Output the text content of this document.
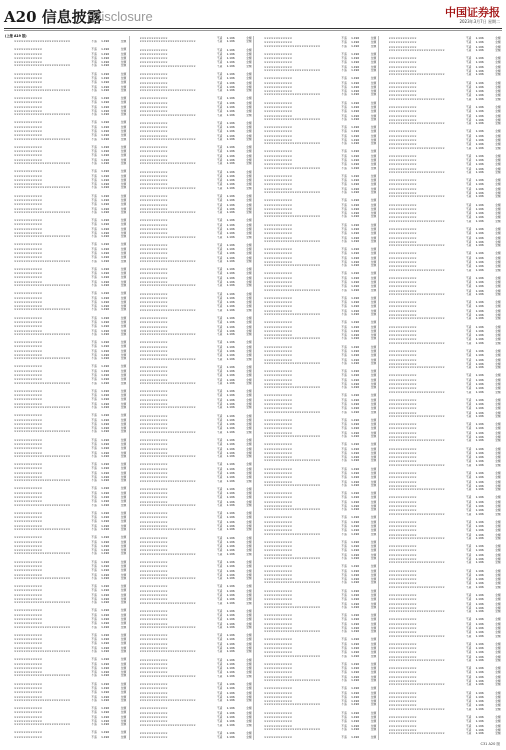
A20 信息披露
Disclosure	中国证券报
2023年3月7日 星期二
(上接 A19 版)
××××××××××××××××××××××××	不适	1.196	全额
××××××××××××	不适	1.196	全额
××××××××××××	不适	1.196	全额
××××××××××××	不适	1.196	全额
××××××××××××	不适	1.196	全额
××××××××××××××××××××××××	不适	1.196	全额
××××××××××××	不适	1.196	全额
××××××××××××	不适	1.196	全额
××××××××××××	不适	1.196	全额
××××××××××××	不适	1.196	全额
××××××××××××××××××××××××	不适	1.196	全额
××××××××××××	不适	1.196	全额
××××××××××××	不适	1.196	全额
××××××××××××	不适	1.196	全额
××××××××××××	不适	1.196	全额
××××××××××××××××××××××××	不适	1.196	全额
××××××××××××	不适	1.196	全额
××××××××××××	不适	1.196	全额
××××××××××××	不适	1.196	全额
××××××××××××	不适	1.196	全额
××××××××××××××××××××××××	不适	1.196	全额
××××××××××××	不适	1.196	全额
××××××××××××	不适	1.196	全额
××××××××××××	不适	1.196	全额
××××××××××××	不适	1.196	全额
××××××××××××××××××××××××	不适	1.196	全额
××××××××××××	不适	1.196	全额
××××××××××××	不适	1.196	全额
××××××××××××	不适	1.196	全额
××××××××××××	不适	1.196	全额
××××××××××××××××××××××××	不适	1.196	全额
××××××××××××	不适	1.196	全额
××××××××××××	不适	1.196	全额
××××××××××××	不适	1.196	全额
××××××××××××	不适	1.196	全额
××××××××××××××××××××××××	不适	1.196	全额
××××××××××××	不适	1.196	全额
××××××××××××	不适	1.196	全额
××××××××××××	不适	1.196	全额
××××××××××××	不适	1.196	全额
××××××××××××××××××××××××	不适	1.196	全额
××××××××××××	不适	1.196	全额
××××××××××××	不适	1.196	全额
××××××××××××	不适	1.196	全额
××××××××××××	不适	1.196	全额
××××××××××××××××××××××××	不适	1.196	全额
××××××××××××	不适	1.196	全额
××××××××××××	不适	1.196	全额
××××××××××××	不适	1.196	全额
××××××××××××	不适	1.196	全额
××××××××××××××××××××××××	不适	1.196	全额
××××××××××××	不适	1.196	全额
××××××××××××	不适	1.196	全额
××××××××××××	不适	1.196	全额
××××××××××××	不适	1.196	全额
××××××××××××××××××××××××	不适	1.196	全额
××××××××××××	不适	1.196	全额
××××××××××××	不适	1.196	全额
××××××××××××	不适	1.196	全额
××××××××××××	不适	1.196	全额
××××××××××××××××××××××××	不适	1.196	全额
××××××××××××	不适	1.196	全额
××××××××××××	不适	1.196	全额
××××××××××××	不适	1.196	全额
××××××××××××	不适	1.196	全额
××××××××××××××××××××××××	不适	1.196	全额
××××××××××××	不适	1.196	全额
××××××××××××	不适	1.196	全额
××××××××××××	不适	1.196	全额
××××××××××××	不适	1.196	全额
××××××××××××××××××××××××	不适	1.196	全额
××××××××××××	不适	1.196	全额
××××××××××××	不适	1.196	全额
××××××××××××	不适	1.196	全额
××××××××××××	不适	1.196	全额
××××××××××××××××××××××××	不适	1.196	全额
××××××××××××	不适	1.196	全额
××××××××××××	不适	1.196	全额
××××××××××××	不适	1.196	全额
××××××××××××	不适	1.196	全额
××××××××××××××××××××××××	不适	1.196	全额
××××××××××××	不适	1.196	全额
××××××××××××	不适	1.196	全额
××××××××××××	不适	1.196	全额
××××××××××××	不适	1.196	全额
××××××××××××××××××××××××	不适	1.196	全额
××××××××××××	不适	1.196	全额
××××××××××××	不适	1.196	全额
××××××××××××	不适	1.196	全额
××××××××××××	不适	1.196	全额
××××××××××××××××××××××××	不适	1.196	全额
××××××××××××	不适	1.196	全额
××××××××××××	不适	1.196	全额
××××××××××××	不适	1.196	全额
××××××××××××	不适	1.196	全额
××××××××××××××××××××××××	不适	1.196	全额
××××××××××××	不适	1.196	全额
××××××××××××	不适	1.196	全额
××××××××××××	不适	1.196	全额
××××××××××××	不适	1.196	全额
××××××××××××××××××××××××	不适	1.196	全额
××××××××××××	不适	1.196	全额
××××××××××××	不适	1.196	全额
××××××××××××	不适	1.196	全额
××××××××××××	不适	1.196	全额
××××××××××××××××××××××××	不适	1.196	全额
××××××××××××	不适	1.196	全额
××××××××××××	不适	1.196	全额
××××××××××××	不适	1.196	全额
××××××××××××	不适	1.196	全额
××××××××××××××××××××××××	不适	1.196	全额
××××××××××××	不适	1.196	全额
××××××××××××	不适	1.196	全额
××××××××××××	不适	1.196	全额
××××××××××××	不适	1.196	全额
××××××××××××××××××××××××	不适	1.196	全额
××××××××××××	不适	1.196	全额
××××××××××××	不适	1.196	全额
××××××××××××	不适	1.196	全额
××××××××××××	不适	1.196	全额
××××××××××××××××××××××××	不适	1.196	全额
××××××××××××	不适	1.196	全额
××××××××××××	不适	1.196	全额
××××××××××××	不适	1.196	全额
××××××××××××	不适	1.196	全额
××××××××××××××××××××××××	不适	1.196	全额
××××××××××××	不适	1.196	全额
××××××××××××	不适	1.196	全额
××××××××××××	不适	1.196	全额
××××××××××××	不适	1.196	全额
××××××××××××××××××××××××	不适	1.196	全额
××××××××××××	不适	1.196	全额
××××××××××××	不适	1.196	全额
××××××××××××	不适	1.196	全额
××××××××××××	不适	1.196	全额
××××××××××××××××××××××××	不适	1.196	全额
××××××××××××	不适	1.196	全额
××××××××××××	不适	1.196	全额
××××××××××××	不适	1.196	全额
××××××××××××	不适	1.196	全额
××××××××××××××××××××××××	不适	1.196	全额
××××××××××××	不适	1.196	全额
××××××××××××	不适	1.196	全额
××××××××××××	不适	1.196	全额
××××××××××××××××××××××××	不适	1.196	全额
××××××××××××	不适	1.196	全额
××××××××××××	不适	1.196	全额
××××××××××××	不适	1.196	全额
××××××××××××	不适	1.196	全额
××××××××××××××××××××××××	不适	1.196	全额
××××××××××××	不适	1.196	全额
××××××××××××	不适	1.196	全额
××××××××××××	不适	1.196	全额
××××××××××××	不适	1.196	全额
××××××××××××××××××××××××	不适	1.196	全额
××××××××××××	不适	1.196	全额
××××××××××××	不适	1.196	全额
××××××××××××	不适	1.196	全额
××××××××××××	不适	1.196	全额
××××××××××××××××××××××××	不适	1.196	全额
××××××××××××	不适	1.196	全额
××××××××××××	不适	1.196	全额
××××××××××××	不适	1.196	全额
××××××××××××	不适	1.196	全额
××××××××××××××××××××××××	不适	1.196	全额
××××××××××××	不适	1.196	全额
××××××××××××	不适	1.196	全额
××××××××××××	不适	1.196	全额
××××××××××××	不适	1.196	全额
××××××××××××××××××××××××	不适	1.196	全额
××××××××××××	不适	1.196	全额
××××××××××××	不适	1.196	全额
××××××××××××	不适	1.196	全额
××××××××××××	不适	1.196	全额
××××××××××××××××××××××××	不适	1.196	全额
××××××××××××	不适	1.196	全额
××××××××××××	不适	1.196	全额
××××××××××××	不适	1.196	全额
××××××××××××	不适	1.196	全额
××××××××××××××××××××××××	不适	1.196	全额
××××××××××××	不适	1.196	全额
××××××××××××	不适	1.196	全额
××××××××××××	不适	1.196	全额
××××××××××××	不适	1.196	全额
××××××××××××××××××××××××	不适	1.196	全额
××××××××××××	不适	1.196	全额
××××××××××××	不适	1.196	全额
××××××××××××	不适	1.196	全额
××××××××××××	不适	1.196	全额
××××××××××××××××××××××××	不适	1.196	全额
××××××××××××	不适	1.196	全额
××××××××××××	不适	1.196	全额
××××××××××××	不适	1.196	全额
××××××××××××	不适	1.196	全额
××××××××××××××××××××××××	不适	1.196	全额
××××××××××××	不适	1.196	全额
××××××××××××	不适	1.196	全额
××××××××××××	不适	1.196	全额
××××××××××××	不适	1.196	全额
××××××××××××××××××××××××	不适	1.196	全额
××××××××××××	不适	1.196	全额
××××××××××××	不适	1.196	全额
××××××××××××	不适	1.196	全额
××××××××××××	不适	1.196	全额
××××××××××××××××××××××××	不适	1.196	全额
××××××××××××	不适	1.196	全额
××××××××××××	不适	1.196	全额
××××××××××××	不适	1.196	全额
××××××××××××	不适	1.196	全额
××××××××××××××××××××××××	不适	1.196	全额
××××××××××××	不适	1.196	全额
××××××××××××	不适	1.196	全额
××××××××××××	不适	1.196	全额
××××××××××××	不适	1.196	全额
××××××××××××××××××××××××	不适	1.196	全额
××××××××××××	不适	1.196	全额
××××××××××××	不适	1.196	全额
××××××××××××	不适	1.196	全额
××××××××××××	不适	1.196	全额
××××××××××××××××××××××××	不适	1.196	全额
××××××××××××	不适	1.196	全额
××××××××××××	不适	1.196	全额
××××××××××××	不适	1.196	全额
××××××××××××	不适	1.196	全额
××××××××××××××××××××××××	不适	1.196	全额
××××××××××××	不适	1.196	全额
××××××××××××	不适	1.196	全额
××××××××××××	不适	1.196	全额
××××××××××××	不适	1.196	全额
××××××××××××××××××××××××	不适	1.196	全额
××××××××××××	不适	1.196	全额
××××××××××××	不适	1.196	全额
××××××××××××	不适	1.196	全额
××××××××××××	不适	1.196	全额
××××××××××××××××××××××××	不适	1.196	全额
××××××××××××	不适	1.196	全额
××××××××××××	不适	1.196	全额
××××××××××××	不适	1.196	全额
××××××××××××	不适	1.196	全额
××××××××××××××××××××××××	不适	1.196	全额
××××××××××××	不适	1.196	全额
××××××××××××	不适	1.196	全额
××××××××××××	不适	1.196	全额
××××××××××××	不适	1.196	全额
××××××××××××××××××××××××	不适	1.196	全额
××××××××××××	不适	1.196	全额
××××××××××××	不适	1.196	全额
××××××××××××	不适	1.196	全额
××××××××××××	不适	1.196	全额
××××××××××××××××××××××××	不适	1.196	全额
××××××××××××	不适	1.196	全额
××××××××××××	不适	1.196	全额
××××××××××××	不适	1.196	全额
××××××××××××	不适	1.196	全额
××××××××××××××××××××××××	不适	1.196	全额
××××××××××××	不适	1.196	全额
××××××××××××	不适	1.196	全额
××××××××××××	不适	1.196	全额
××××××××××××	不适	1.196	全额
××××××××××××××××××××××××	不适	1.196	全额
××××××××××××	不适	1.196	全额
××××××××××××	不适	1.196	全额
××××××××××××	不适	1.196	全额
××××××××××××	不适	1.196	全额
××××××××××××××××××××××××	不适	1.196	全额
××××××××××××	不适	1.196	全额
××××××××××××	不适	1.196	全额
××××××××××××	不适	1.196	全额
××××××××××××	不适	1.196	全额
××××××××××××××××××××××××	不适	1.196	全额
××××××××××××	不适	1.196	全额
××××××××××××	不适	1.196	全额
××××××××××××	不适	1.196	全额
××××××××××××	不适	1.196	全额
××××××××××××××××××××××××	不适	1.196	全额
××××××××××××	不适	1.196	全额
××××××××××××	不适	1.196	全额
××××××××××××	不适	1.196	全额
××××××××××××	不适	1.196	全额
××××××××××××××××××××××××	不适	1.196	全额
××××××××××××	不适	1.196	全额
××××××××××××	不适	1.196	全额
××××××××××××	不适	1.196	全额
××××××××××××	不适	1.196	全额
××××××××××××××××××××××××	不适	1.196	全额
××××××××××××	不适	1.196	全额
××××××××××××	不适	1.196	全额
××××××××××××	不适	1.196	全额
××××××××××××	不适	1.196	全额
××××××××××××××××××××××××	不适	1.196	全额
××××××××××××	不适	1.196	全额
××××××××××××	不适	1.196	全额
××××××××××××	不适	1.196	全额
××××××××××××	不适	1.196	全额
××××××××××××××××××××××××	不适	1.196	全额
××××××××××××	不适	1.196	全额
××××××××××××	不适	1.196	全额
××××××××××××	不适	1.196	全额
××××××××××××	不适	1.196	全额
××××××××××××××××××××××××	不适	1.196	全额
××××××××××××	不适	1.196	全额
××××××××××××	不适	1.196	全额
××××××××××××	不适	1.196	全额
××××××××××××	不适	1.196	全额
××××××××××××××××××××××××	不适	1.196	全额
××××××××××××	不适	1.196	全额
××××××××××××	不适	1.196	全额
××××××××××××	不适	1.196	全额
××××××××××××	不适	1.196	全额
××××××××××××××××××××××××	不适	1.196	全额
××××××××××××	不适	1.196	全额
××××××××××××	不适	1.196	全额
××××××××××××	不适	1.196	全额
××××××××××××	不适	1.196	全额
××××××××××××××××××××××××	不适	1.196	全额
××××××××××××	不适	1.196	全额
××××××××××××	不适	1.196	全额
××××××××××××	不适	1.196	全额
××××××××××××	不适	1.196	全额
××××××××××××××××××××××××	不适	1.196	全额
××××××××××××	不适	1.196	全额
××××××××××××	不适	1.196	全额
××××××××××××	不适	1.196	全额
××××××××××××	不适	1.196	全额
××××××××××××××××××××××××	不适	1.196	全额
××××××××××××	不适	1.196	全额
××××××××××××	不适	1.196	全额
××××××××××××	不适	1.196	全额
××××××××××××	不适	1.196	全额
××××××××××××××××××××××××	不适	1.196	全额
××××××××××××	不适	1.196	全额
××××××××××××	不适	1.196	全额
××××××××××××	不适	1.196	全额
××××××××××××	不适	1.196	全额
××××××××××××××××××××××××	不适	1.196	全额
××××××××××××	不适	1.196	全额
××××××××××××	不适	1.196	全额
××××××××××××	不适	1.196	全额
××××××××××××	不适	1.196	全额
××××××××××××××××××××××××	不适	1.196	全额
××××××××××××	不适	1.196	全额
××××××××××××	不适	1.196	全额
××××××××××××	不适	1.196	全额
××××××××××××	不适	1.196	全额
××××××××××××××××××××××××	不适	1.196	全额
××××××××××××	不适	1.196	全额
××××××××××××	不适	1.196	全额
××××××××××××	不适	1.196	全额
××××××××××××	不适	1.196	全额
××××××××××××××××××××××××	不适	1.196	全额
××××××××××××	不适	1.196	全额
××××××××××××	不适	1.196	全额
××××××××××××	不适	1.196	全额
××××××××××××	不适	1.196	全额
××××××××××××××××××××××××	不适	1.196	全额
××××××××××××	不适	1.196	全额
××××××××××××	不适	1.196	全额
××××××××××××	不适	1.196	全额
××××××××××××	不适	1.196	全额
××××××××××××××××××××××××	不适	1.196	全额
××××××××××××	不适	1.196	全额
××××××××××××	不适	1.196	全额
××××××××××××	不适	1.196	全额
××××××××××××	不适	1.196	全额
××××××××××××××××××××××××	不适	1.196	全额
××××××××××××	不适	1.196	全额
××××××××××××	不适	1.196	全额
××××××××××××	不适	1.196	全额
××××××××××××	不适	1.196	全额
××××××××××××××××××××××××	不适	1.196	全额
××××××××××××	不适	1.196	全额
××××××××××××	不适	1.196	全额
××××××××××××	不适	1.196	全额
××××××××××××	不适	1.196	全额
××××××××××××××××××××××××	不适	1.196	全额
××××××××××××	不适	1.196	全额
××××××××××××	不适	1.196	全额
××××××××××××	不适	1.196	全额
××××××××××××	不适	1.196	全额
××××××××××××××××××××××××	不适	1.196	全额
××××××××××××	不适	1.196	全额
××××××××××××	不适	1.196	全额
××××××××××××	不适	1.196	全额
××××××××××××	不适	1.196	全额
××××××××××××××××××××××××	不适	1.196	全额
××××××××××××	不适	1.196	全额
××××××××××××	不适	1.196	全额
××××××××××××	不适	1.196	全额
××××××××××××	不适	1.196	全额
××××××××××××××××××××××××	不适	1.196	全额
××××××××××××	不适	1.196	全额
××××××××××××	不适	1.196	全额
××××××××××××	不适	1.196	全额
××××××××××××	不适	1.196	全额
××××××××××××××××××××××××	不适	1.196	全额
××××××××××××	不适	1.196	全额
××××××××××××	不适	1.196	全额
××××××××××××	不适	1.196	全额
××××××××××××	不适	1.196	全额
××××××××××××××××××××××××	不适	1.196	全额
××××××××××××	不适	1.196	全额
××××××××××××	不适	1.196	全额
××××××××××××	不适	1.196	全额
××××××××××××	不适	1.196	全额
××××××××××××××××××××××××	不适	1.196	全额
××××××××××××	不适	1.196	全额
××××××××××××	不适	1.196	全额
××××××××××××	不适	1.196	全额
××××××××××××	不适	1.196	全额
××××××××××××××××××××××××	不适	1.196	全额
××××××××××××	不适	1.196	全额
××××××××××××	不适	1.196	全额
××××××××××××	不适	1.196	全额
××××××××××××	不适	1.196	全额
××××××××××××××××××××××××	不适	1.196	全额
××××××××××××	不适	1.196	全额
××××××××××××	不适	1.196	全额
××××××××××××	不适	1.196	全额
××××××××××××	不适	1.196	全额
××××××××××××××××××××××××	不适	1.196	全额
××××××××××××	不适	1.196	全额
××××××××××××	不适	1.196	全额
××××××××××××	不适	1.196	全额
××××××××××××	不适	1.196	全额
××××××××××××××××××××××××	不适	1.196	全额
××××××××××××	不适	1.196	全额
××××××××××××	不适	1.196	全额
××××××××××××	不适	1.196	全额
××××××××××××	不适	1.196	全额
××××××××××××××××××××××××	不适	1.196	全额
××××××××××××	不适	1.196	全额
××××××××××××	不适	1.196	全额
××××××××××××	不适	1.196	全额
××××××××××××	不适	1.196	全额
××××××××××××××××××××××××	不适	1.196	全额
××××××××××××	不适	1.196	全额
××××××××××××	不适	1.196	全额
××××××××××××	不适	1.196	全额
××××××××××××	不适	1.196	全额
××××××××××××××××××××××××	不适	1.196	全额
××××××××××××	不适	1.196	全额
××××××××××××	不适	1.196	全额
××××××××××××	不适	1.196	全额
××××××××××××	不适	1.196	全额
××××××××××××××××××××××××	不适	1.196	全额
××××××××××××	不适	1.196	全额
××××××××××××	不适	1.196	全额
××××××××××××	不适	1.196	全额
××××××××××××	不适	1.196	全额
××××××××××××××××××××××××	不适	1.196	全额
××××××××××××	不适	1.196	全额
××××××××××××	不适	1.196	全额
××××××××××××	不适	1.196	全额
××××××××××××	不适	1.196	全额
××××××××××××××××××××××××	不适	1.196	全额
××××××××××××	不适	1.196	全额
××××××××××××	不适	1.196	全额
××××××××××××	不适	1.196	全额
××××××××××××	不适	1.196	全额
××××××××××××××××××××××××	不适	1.196	全额
××××××××××××	不适	1.196	全额
××××××××××××	不适	1.196	全额
××××××××××××	不适	1.196	全额
××××××××××××	不适	1.196	全额
××××××××××××××××××××××××	不适	1.196	全额
××××××××××××	不适	1.196	全额
××××××××××××	不适	1.196	全额
××××××××××××	不适	1.196	全额
××××××××××××	不适	1.196	全额
××××××××××××××××××××××××	不适	1.196	全额
××××××××××××	不适	1.196	全额
××××××××××××	不适	1.196	全额
××××××××××××	不适	1.196	全额
××××××××××××	不适	1.196	全额
××××××××××××××××××××××××	不适	1.196	全额
××××××××××××	不适	1.196	全额
××××××××××××	不适	1.196	全额
××××××××××××	不适	1.196	全额
××××××××××××	不适	1.196	全额
××××××××××××××××××××××××	不适	1.196	全额
××××××××××××	不适	1.196	全额
××××××××××××	不适	1.196	全额
××××××××××××	不适	1.196	全额
××××××××××××	不适	1.196	全额
××××××××××××××××××××××××	不适	1.196	全额
××××××××××××	不适	1.196	全额
××××××××××××	不适	1.196	全额
××××××××××××	不适	1.196	全额
××××××××××××	不适	1.196	全额
××××××××××××××××××××××××	不适	1.196	全额
××××××××××××	不适	1.196	全额
××××××××××××	不适	1.196	全额
××××××××××××	不适	1.196	全额
××××××××××××	不适	1.196	全额
××××××××××××××××××××××××	不适	1.196	全额
××××××××××××	不适	1.196	全额
××××××××××××	不适	1.196	全额
××××××××××××	不适	1.196	全额
××××××××××××	不适	1.196	全额
××××××××××××××××××××××××	不适	1.196	全额
××××××××××××	不适	1.196	全额
××××××××××××	不适	1.196	全额
××××××××××××	不适	1.196	全额
××××××××××××	不适	1.196	全额
××××××××××××××××××××××××	不适	1.196	全额
××××××××××××	不适	1.196	全额
××××××××××××	不适	1.196	全额
××××××××××××	不适	1.196	全额
××××××××××××	不适	1.196	全额
××××××××××××××××××××××××	不适	1.196	全额
××××××××××××	不适	1.196	全额
××××××××××××	不适	1.196	全额
××××××××××××	不适	1.196	全额
××××××××××××	不适	1.196	全额
××××××××××××××××××××××××	不适	1.196	全额
××××××××××××	不适	1.196	全额
××××××××××××	不适	1.196	全额
××××××××××××	不适	1.196	全额
××××××××××××	不适	1.196	全额
××××××××××××××××××××××××	不适	1.196	全额
××××××××××××	不适	1.196	全额
××××××××××××	不适	1.196	全额
××××××××××××	不适	1.196	全额
××××××××××××	不适	1.196	全额
××××××××××××××××××××××××	不适	1.196	全额
××××××××××××	不适	1.196	全额
××××××××××××	不适	1.196	全额
××××××××××××	不适	1.196	全额
××××××××××××	不适	1.196	全额
××××××××××××××××××××××××	不适	1.196	全额
××××××××××××	不适	1.196	全额
××××××××××××	不适	1.196	全额
××××××××××××	不适	1.196	全额
××××××××××××	不适	1.196	全额
××××××××××××××××××××××××	不适	1.196	全额
××××××××××××	不适	1.196	全额
××××××××××××	不适	1.196	全额
××××××××××××	不适	1.196	全额
××××××××××××	不适	1.196	全额
××××××××××××××××××××××××	不适	1.196	全额
××××××××××××	不适	1.196	全额
××××××××××××	不适	1.196	全额
××××××××××××	不适	1.196	全额
××××××××××××	不适	1.196	全额
××××××××××××××××××××××××	不适	1.196	全额
××××××××××××	不适	1.196	全额
××××××××××××	不适	1.196	全额
××××××××××××	不适	1.196	全额
××××××××××××	不适	1.196	全额
××××××××××××××××××××××××	不适	1.196	全额
××××××××××××	不适	1.196	全额
××××××××××××	不适	1.196	全额
××××××××××××	不适	1.196	全额
××××××××××××	不适	1.196	全额
××××××××××××××××××××××××	不适	1.196	全额
××××××××××××	不适	1.196	全额
××××××××××××	不适	1.196	全额
××××××××××××	不适	1.196	全额
××××××××××××	不适	1.196	全额
××××××××××××××××××××××××	不适	1.196	全额
××××××××××××	不适	1.196	全额
××××××××××××	不适	1.196	全额
××××××××××××	不适	1.196	全额
××××××××××××	不适	1.196	全额
××××××××××××××××××××××××	不适	1.196	全额
××××××××××××	不适	1.196	全额
××××××××××××	不适	1.196	全额
××××××××××××	不适	1.196	全额
××××××××××××	不适	1.196	全额
××××××××××××××××××××××××	不适	1.196	全额
××××××××××××	不适	1.196	全额
××××××××××××	不适	1.196	全额
××××××××××××	不适	1.196	全额
××××××××××××	不适	1.196	全额
××××××××××××××××××××××××	不适	1.196	全额
C31 A20 版
